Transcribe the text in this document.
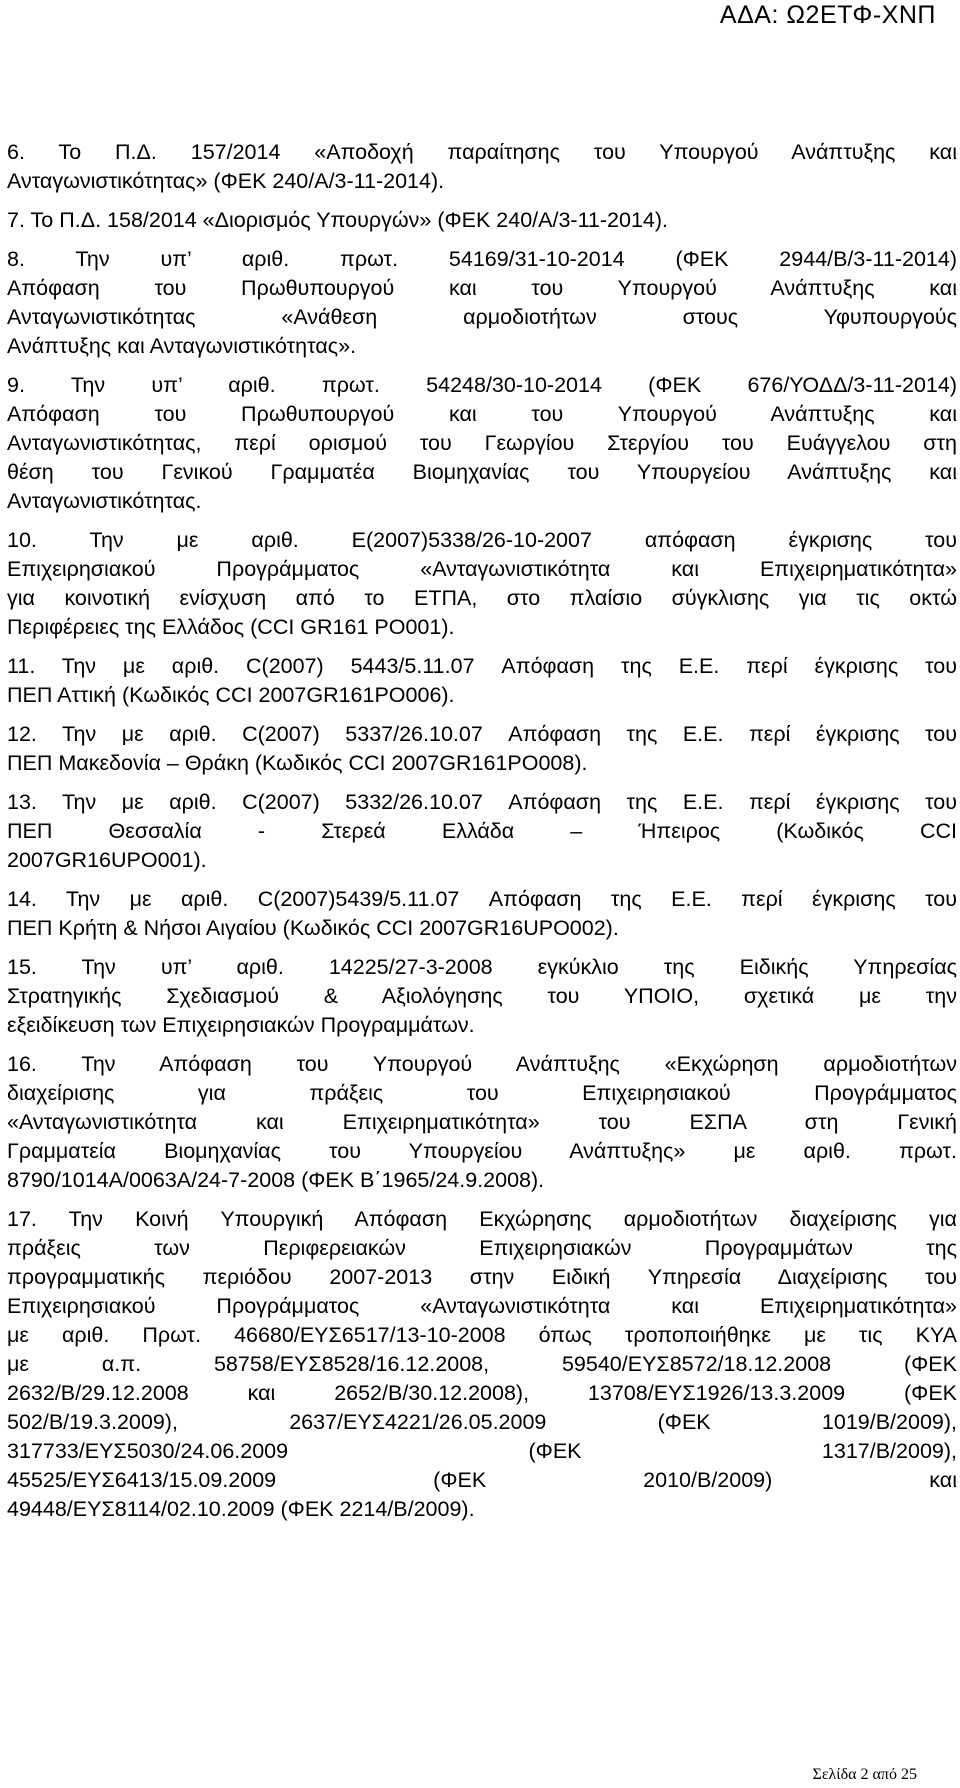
ΑΔΑ: Ω2ΕΤΦ-ΧΝΠ
6. Το Π.Δ. 157/2014 «Αποδοχή παραίτησης του Υπουργού Ανάπτυξης και
Ανταγωνιστικότητας» (ΦΕΚ 240/Α/3-11-2014).
7. Το Π.Δ. 158/2014 «Διορισμός Υπουργών» (ΦΕΚ 240/Α/3-11-2014).
8. Την υπ’ αριθ. πρωτ. 54169/31-10-2014 (ΦΕΚ 2944/Β/3-11-2014)
Απόφαση του Πρωθυπουργού και του Υπουργού Ανάπτυξης και
Ανταγωνιστικότητας «Ανάθεση αρμοδιοτήτων στους Υφυπουργούς
Ανάπτυξης και Ανταγωνιστικότητας».
9. Την υπ’ αριθ. πρωτ. 54248/30-10-2014 (ΦΕΚ 676/ΥΟΔΔ/3-11-2014)
Απόφαση του Πρωθυπουργού και του Υπουργού Ανάπτυξης και
Ανταγωνιστικότητας, περί ορισμού του Γεωργίου Στεργίου του Ευάγγελου στη
θέση του Γενικού Γραμματέα Βιομηχανίας του Υπουργείου Ανάπτυξης και
Ανταγωνιστικότητας.
10. Την με αριθ. Ε(2007)5338/26-10-2007 απόφαση έγκρισης του
Επιχειρησιακού Προγράμματος «Ανταγωνιστικότητα και Επιχειρηματικότητα»
για κοινοτική ενίσχυση από το ΕΤΠΑ, στο πλαίσιο σύγκλισης για τις οκτώ
Περιφέρειες της Ελλάδος (CCI GR161 PO001).
11. Την με αριθ. C(2007) 5443/5.11.07 Απόφαση της Ε.Ε. περί έγκρισης του
ΠΕΠ Αττική (Κωδικός CCI 2007GR161PO006).
12. Την με αριθ. C(2007) 5337/26.10.07 Απόφαση της Ε.Ε. περί έγκρισης του
ΠΕΠ Μακεδονία – Θράκη (Κωδικός CCI 2007GR161PO008).
13. Την με αριθ. C(2007) 5332/26.10.07 Απόφαση της Ε.Ε. περί έγκρισης του
ΠΕΠ Θεσσαλία - Στερεά Ελλάδα – Ήπειρος (Κωδικός CCI
2007GR16UPO001).
14. Την με αριθ. C(2007)5439/5.11.07 Απόφαση της Ε.Ε. περί έγκρισης του
ΠΕΠ Κρήτη & Νήσοι Αιγαίου (Κωδικός CCI 2007GR16UPO002).
15. Την υπ’ αριθ. 14225/27-3-2008 εγκύκλιο της Ειδικής Υπηρεσίας
Στρατηγικής Σχεδιασμού & Αξιολόγησης του ΥΠΟΙΟ, σχετικά με την
εξειδίκευση των Επιχειρησιακών Προγραμμάτων.
16. Την Απόφαση του Υπουργού Ανάπτυξης «Εκχώρηση αρμοδιοτήτων
διαχείρισης για πράξεις του Επιχειρησιακού Προγράμματος
«Ανταγωνιστικότητα και Επιχειρηματικότητα» του ΕΣΠΑ στη Γενική
Γραμματεία Βιομηχανίας του Υπουργείου Ανάπτυξης» με αριθ. πρωτ.
8790/1014Α/0063Α/24-7-2008 (ΦΕΚ Β΄1965/24.9.2008).
17. Την Κοινή Υπουργική Απόφαση Εκχώρησης αρμοδιοτήτων διαχείρισης για
πράξεις των Περιφερειακών Επιχειρησιακών Προγραμμάτων της
προγραμματικής περιόδου 2007-2013 στην Ειδική Υπηρεσία Διαχείρισης του
Επιχειρησιακού Προγράμματος «Ανταγωνιστικότητα και Επιχειρηματικότητα»
με αριθ. Πρωτ. 46680/ΕΥΣ6517/13-10-2008 όπως τροποποιήθηκε με τις ΚΥΑ
με α.π. 58758/ΕΥΣ8528/16.12.2008, 59540/ΕΥΣ8572/18.12.2008 (ΦΕΚ
2632/Β/29.12.2008 και 2652/Β/30.12.2008), 13708/ΕΥΣ1926/13.3.2009 (ΦΕΚ
502/Β/19.3.2009), 2637/ΕΥΣ4221/26.05.2009 (ΦΕΚ 1019/Β/2009),
317733/ΕΥΣ5030/24.06.2009 (ΦΕΚ 1317/Β/2009),
45525/ΕΥΣ6413/15.09.2009 (ΦΕΚ 2010/Β/2009) και
49448/ΕΥΣ8114/02.10.2009 (ΦΕΚ 2214/Β/2009).
Σελίδα 2 από 25
